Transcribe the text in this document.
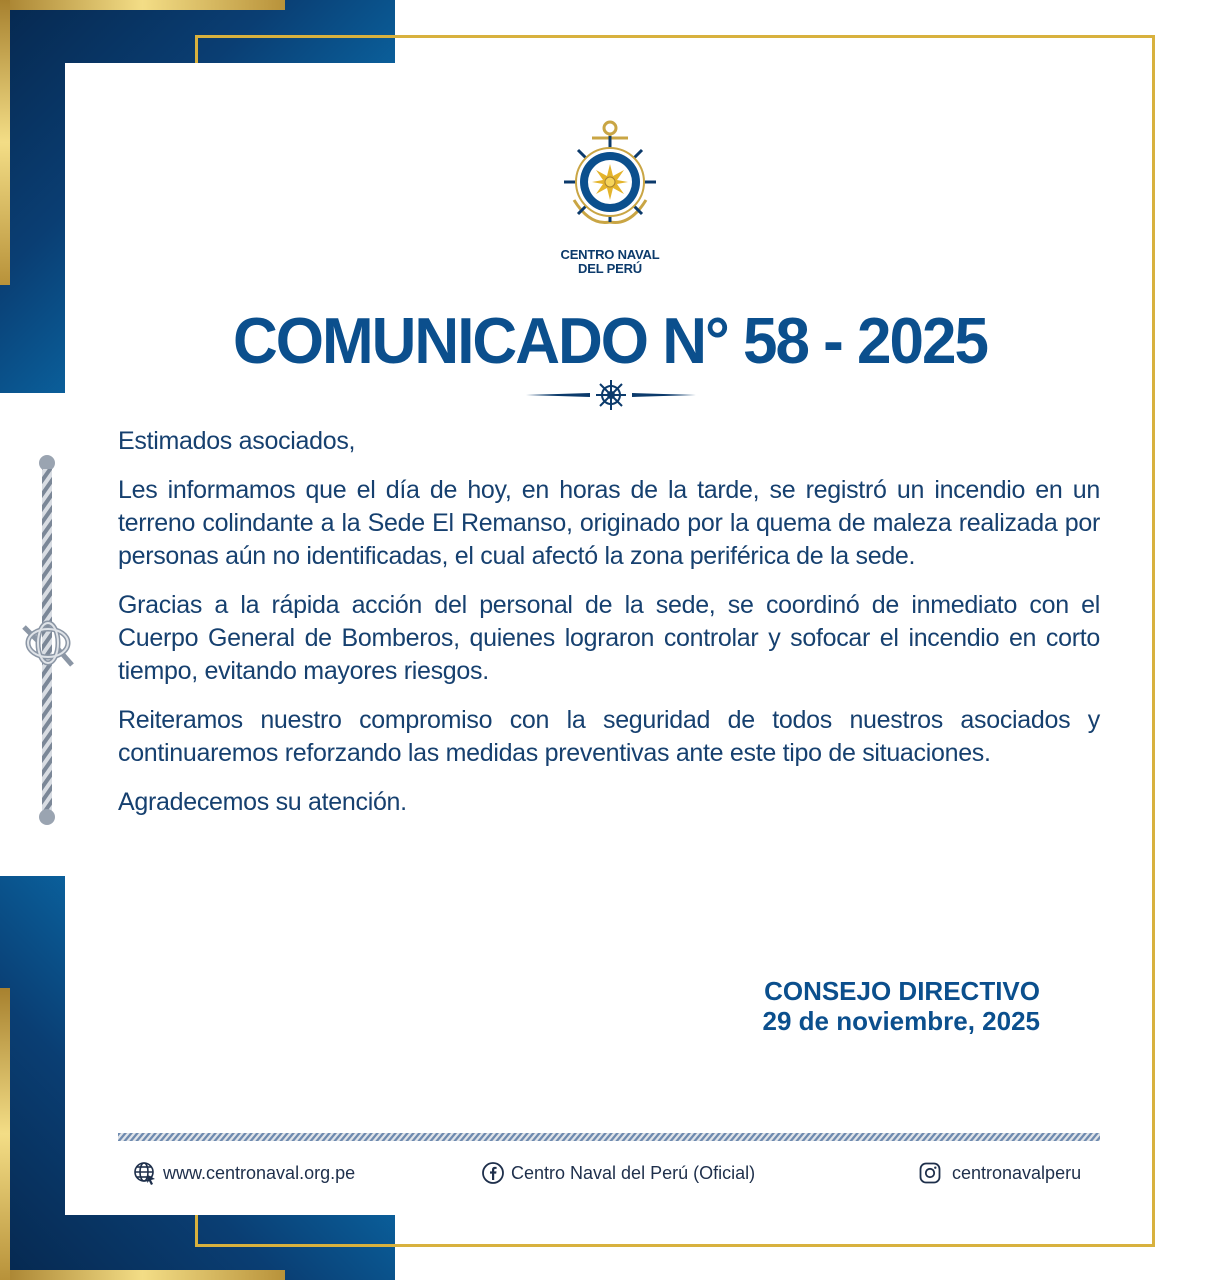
CENTRO NAVAL
DEL PERÚ
COMUNICADO N° 58 - 2025

Estimados asociados,

Les informamos que el día de hoy, en horas de la tarde, se registró un incendio en un terreno colindante a la Sede El Remanso, originado por la quema de maleza realizada por personas aún no identificadas, el cual afectó la zona periférica de la sede.

Gracias a la rápida acción del personal de la sede, se coordinó de inmediato con el Cuerpo General de Bomberos, quienes lograron controlar y sofocar el incendio en corto tiempo, evitando mayores riesgos.

Reiteramos nuestro compromiso con la seguridad de todos nuestros asociados y continuaremos reforzando las medidas preventivas ante este tipo de situaciones.

Agradecemos su atención.

CONSEJO DIRECTIVO
29 de noviembre, 2025
www.centronaval.org.pe	Centro Naval del Perú (Oficial)	centronavalperu
